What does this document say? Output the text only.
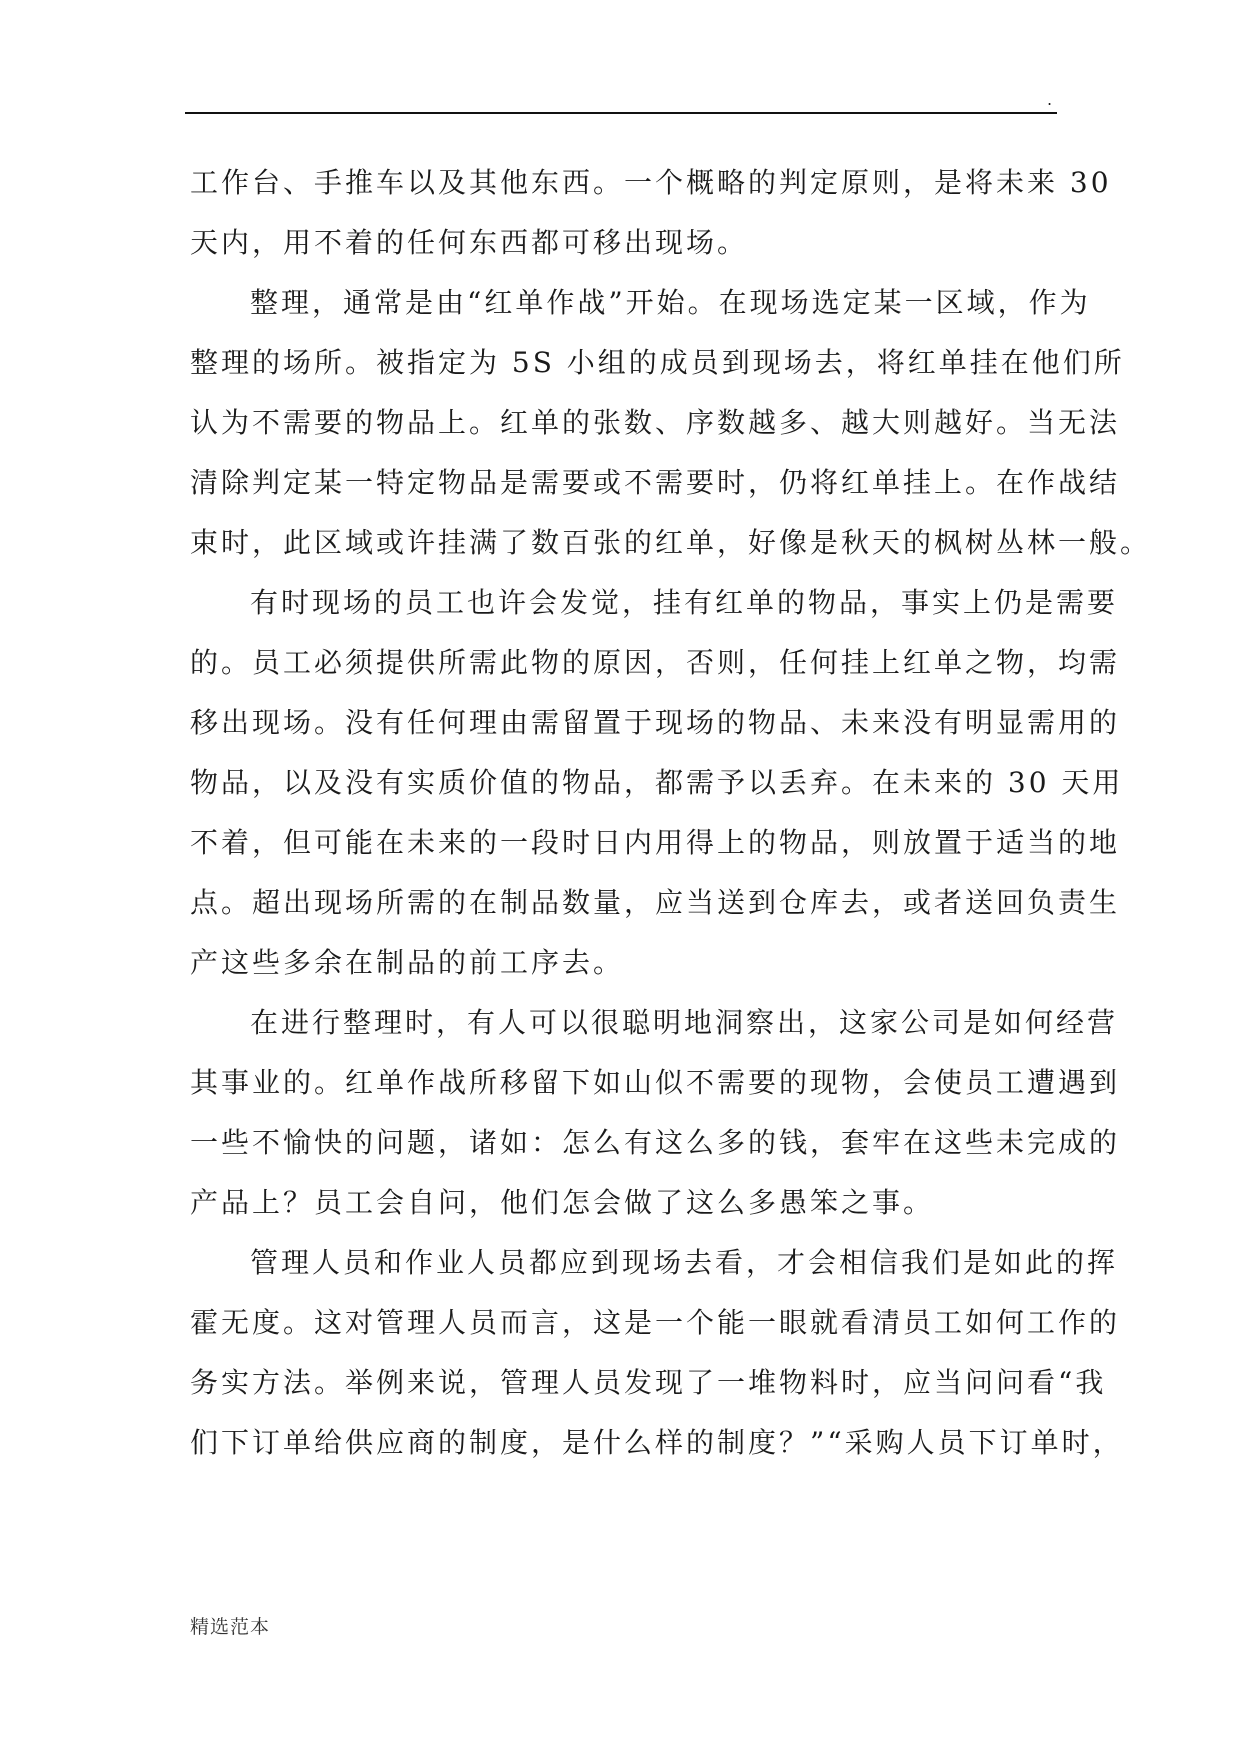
.
工作台、手推车以及其他东西。一个概略的判定原则，是将未来 30
天内，用不着的任何东西都可移出现场。
整理，通常是由“红单作战”开始。在现场选定某一区域，作为
整理的场所。被指定为 5S 小组的成员到现场去，将红单挂在他们所
认为不需要的物品上。红单的张数、序数越多、越大则越好。当无法
清除判定某一特定物品是需要或不需要时，仍将红单挂上。在作战结
束时，此区域或许挂满了数百张的红单，好像是秋天的枫树丛林一般。
有时现场的员工也许会发觉，挂有红单的物品，事实上仍是需要
的。员工必须提供所需此物的原因，否则，任何挂上红单之物，均需
移出现场。没有任何理由需留置于现场的物品、未来没有明显需用的
物品，以及没有实质价值的物品，都需予以丢弃。在未来的 30 天用
不着，但可能在未来的一段时日内用得上的物品，则放置于适当的地
点。超出现场所需的在制品数量，应当送到仓库去，或者送回负责生
产这些多余在制品的前工序去。
在进行整理时，有人可以很聪明地洞察出，这家公司是如何经营
其事业的。红单作战所移留下如山似不需要的现物，会使员工遭遇到
一些不愉快的问题，诸如：怎么有这么多的钱，套牢在这些未完成的
产品上？员工会自问，他们怎会做了这么多愚笨之事。
管理人员和作业人员都应到现场去看，才会相信我们是如此的挥
霍无度。这对管理人员而言，这是一个能一眼就看清员工如何工作的
务实方法。举例来说，管理人员发现了一堆物料时，应当问问看“我
们下订单给供应商的制度，是什么样的制度？”“采购人员下订单时，
精选范本
